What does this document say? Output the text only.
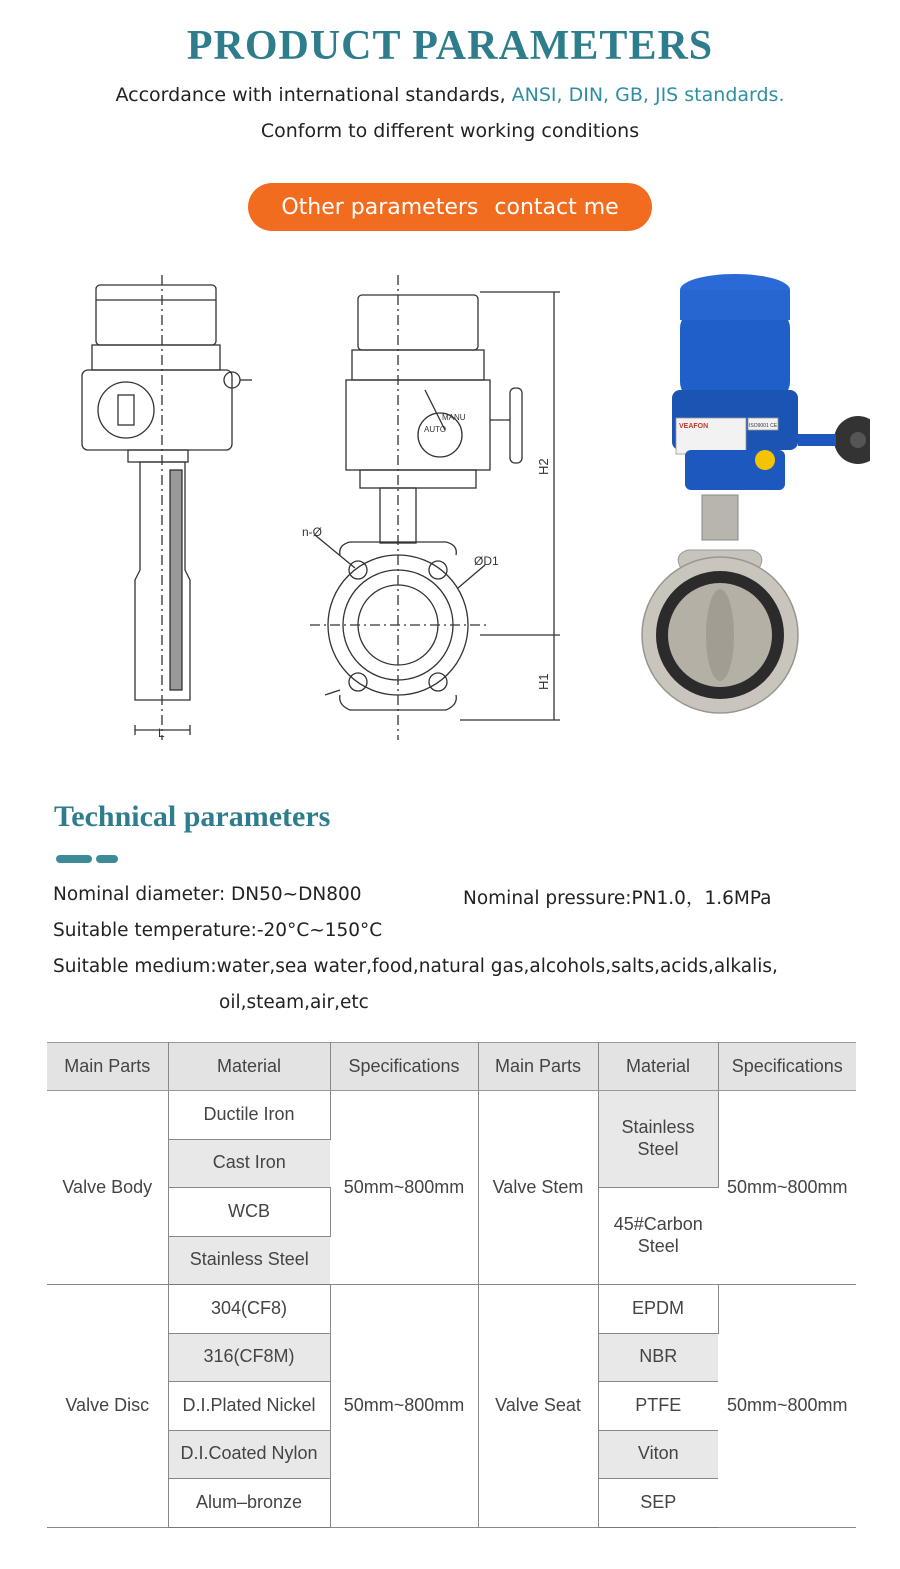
PRODUCT PARAMETERS
Accordance with international standards, ANSI, DIN, GB, JIS standards.
Conform to different working conditions
Other parameters contact me
L
n-Ø
ØD1
MANU
AUTO
H2
H1
VEAFON	ISO9001 CE
Technical parameters
Nominal diameter: DN50~DN800	Nominal pressure:PN1.0，1.6MPa
Suitable temperature:-20°C~150°C
Suitable medium:water,sea water,food,natural gas,alcohols,salts,acids,alkalis,
oil,steam,air,etc
Main Parts	Material	Specifications	Main Parts	Material	Specifications
Valve Body	Ductile Iron	50mm~800mm	Valve Stem	Stainless Steel	50mm~800mm
	Cast Iron				
	WCB			45#Carbon Steel	
	Stainless Steel				
Valve Disc	304(CF8)	50mm~800mm	Valve Seat	EPDM	50mm~800mm
	316(CF8M)			NBR	
	D.I.Plated Nickel			PTFE	
	D.I.Coated Nylon			Viton	
	Alum–bronze			SEP	
